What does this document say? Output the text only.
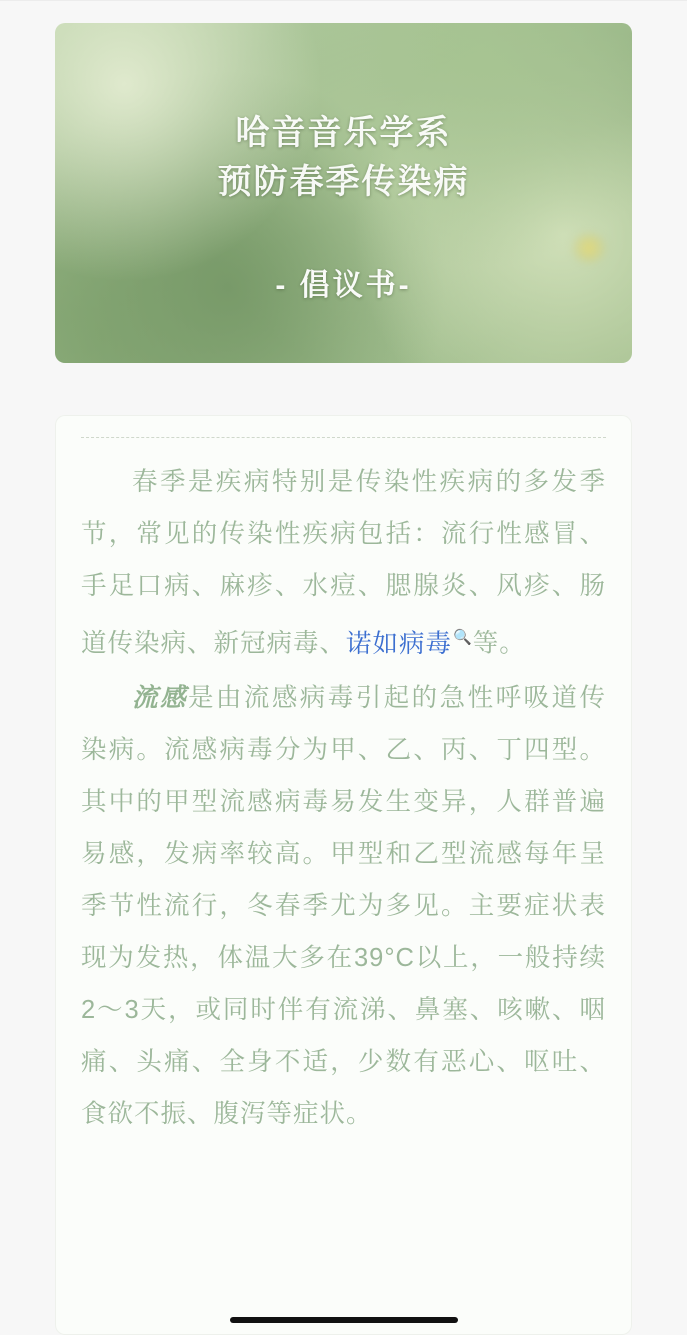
哈音音乐学系
预防春季传染病
- 倡议书-

春季是疾病特别是传染性疾病的多发季节，常见的传染性疾病包括：流行性感冒、手足口病、麻疹、水痘、腮腺炎、风疹、肠道传染病、新冠病毒、诺如病毒🔍等。

流感是由流感病毒引起的急性呼吸道传染病。流感病毒分为甲、乙、丙、丁四型。其中的甲型流感病毒易发生变异，人群普遍易感，发病率较高。甲型和乙型流感每年呈季节性流行，冬春季尤为多见。主要症状表现为发热，体温大多在39°C以上，一般持续2～3天，或同时伴有流涕、鼻塞、咳嗽、咽痛、头痛、全身不适，少数有恶心、呕吐、食欲不振、腹泻等症状。
